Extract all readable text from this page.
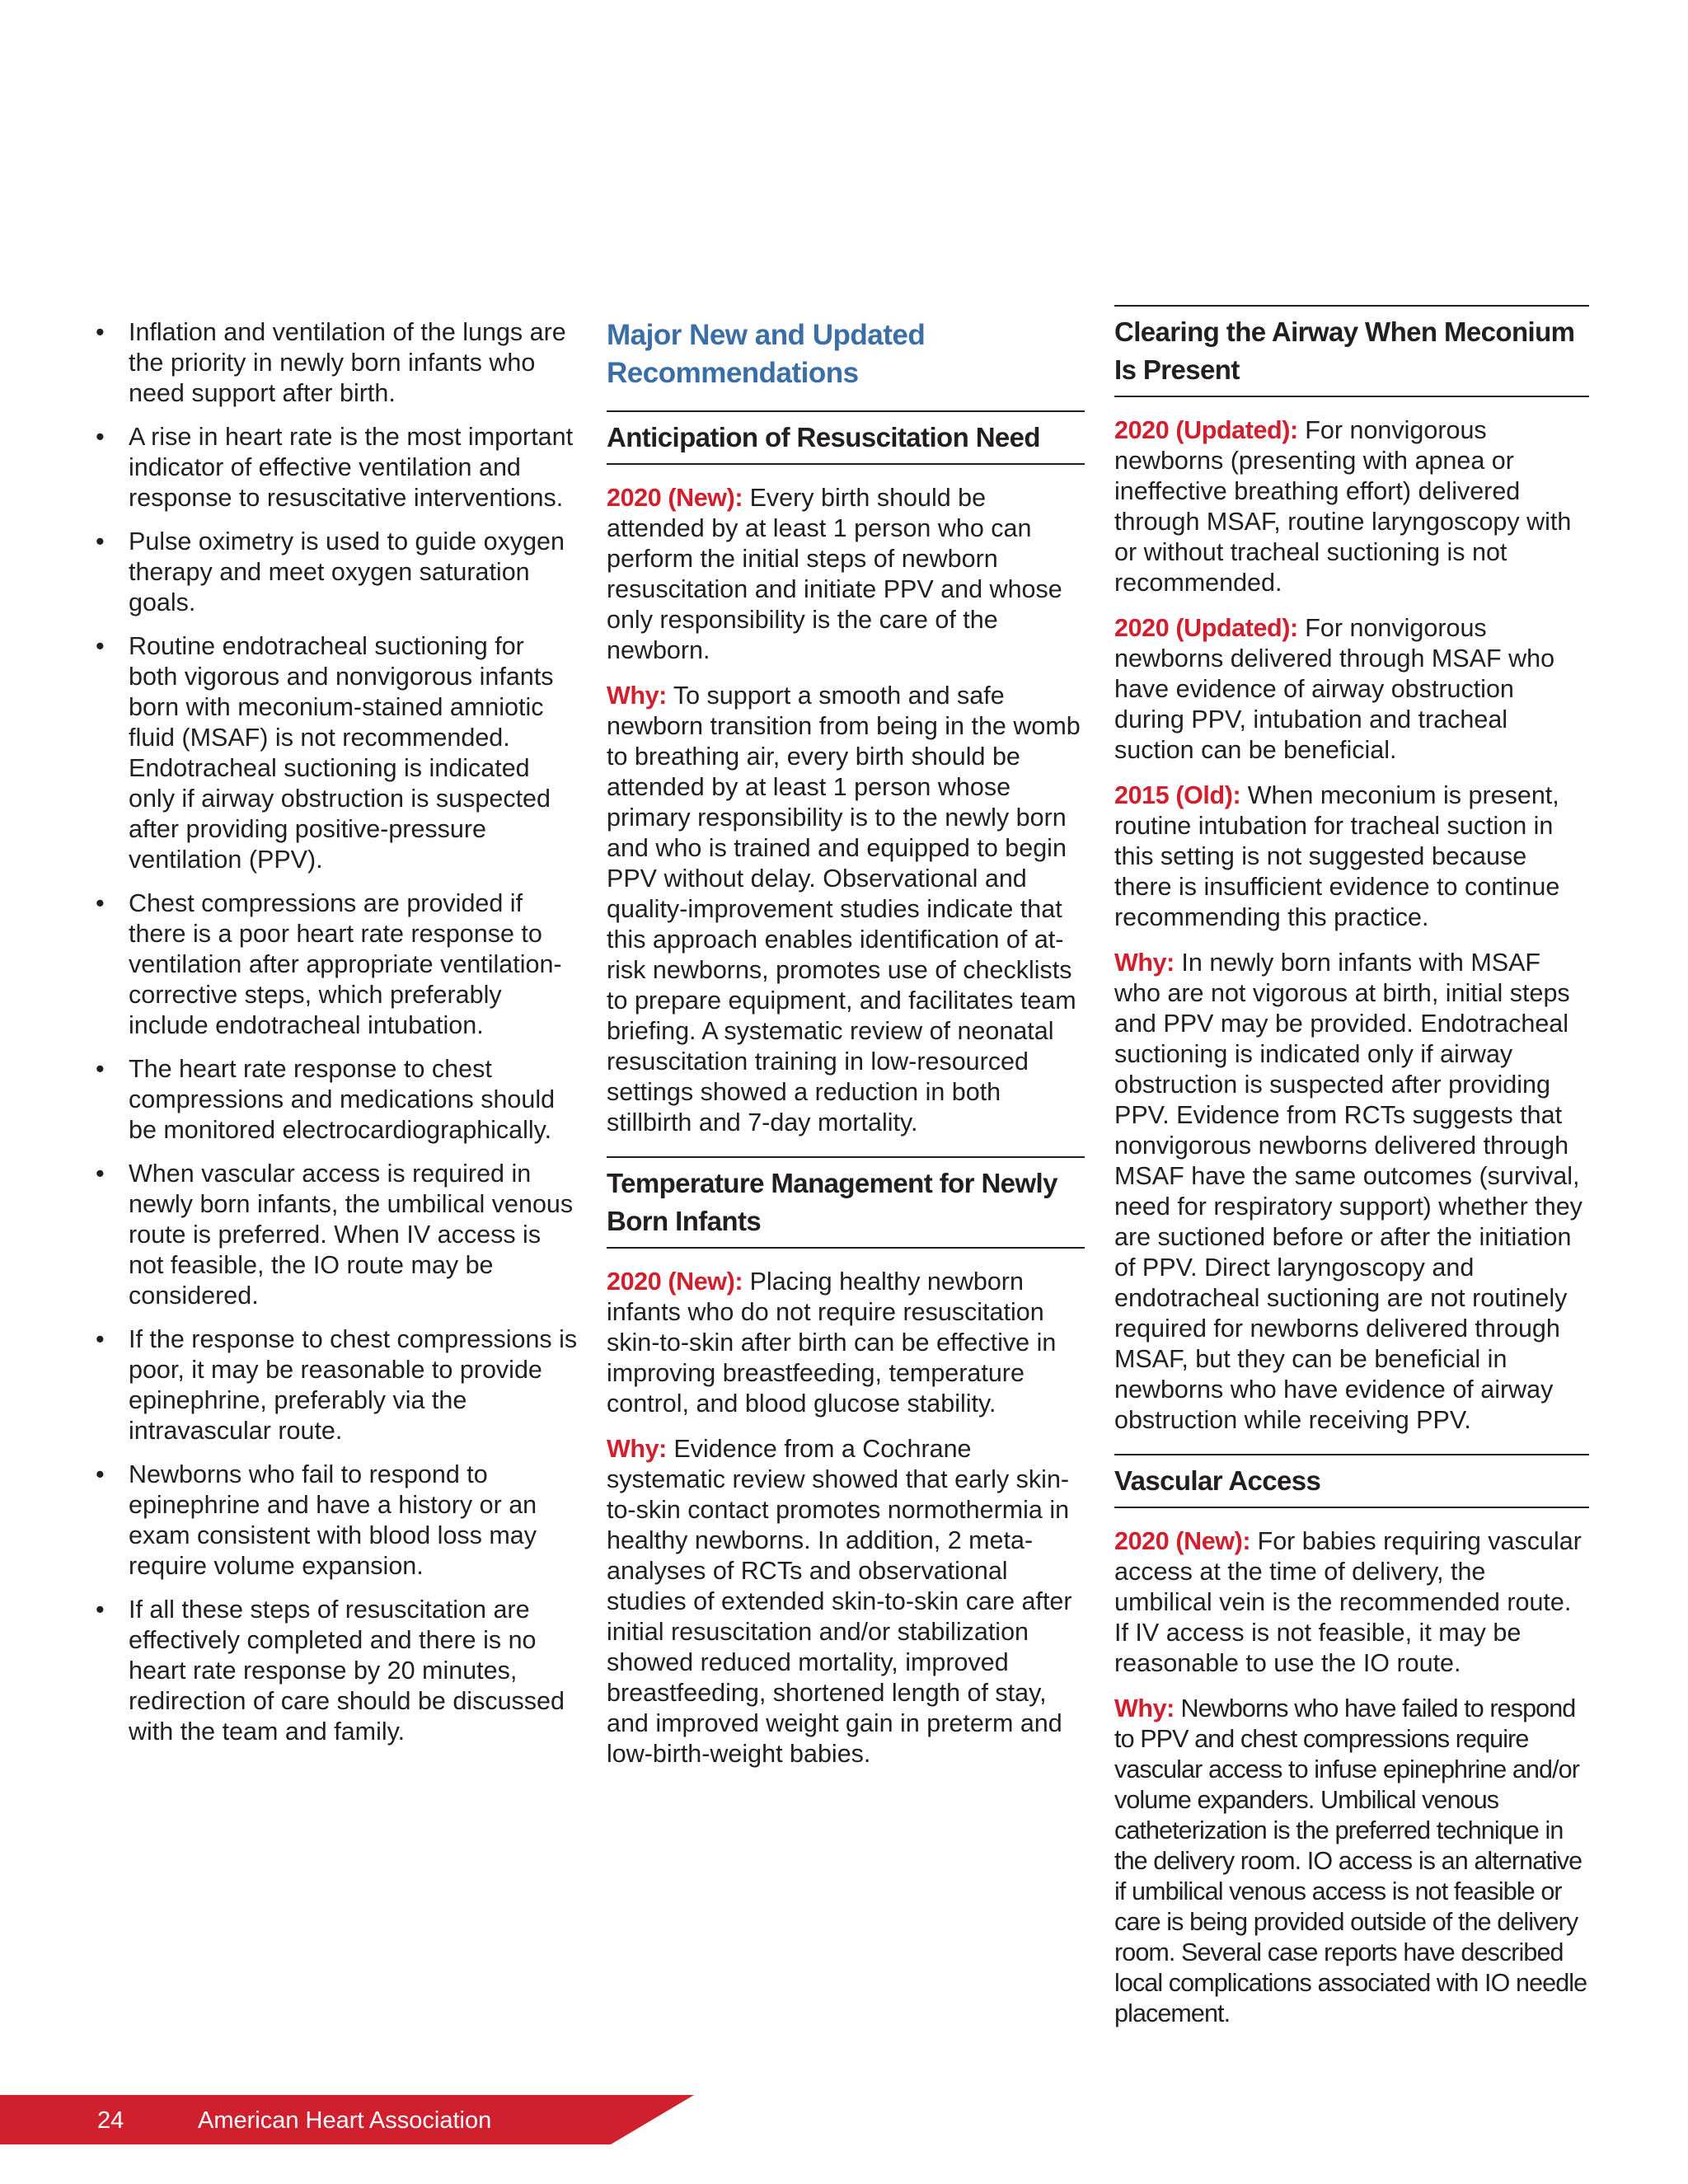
• Inflation and ventilation of the lungs are the priority in newly born infants who need support after birth.
• A rise in heart rate is the most important indicator of effective ventilation and response to resuscitative interventions.
• Pulse oximetry is used to guide oxygen therapy and meet oxygen saturation goals.
• Routine endotracheal suctioning for both vigorous and nonvigorous infants born with meconium-stained amniotic fluid (MSAF) is not recommended. Endotracheal suctioning is indicated only if airway obstruction is suspected after providing positive-pressure ventilation (PPV).
• Chest compressions are provided if there is a poor heart rate response to ventilation after appropriate ventilation-corrective steps, which preferably include endotracheal intubation.
• The heart rate response to chest compressions and medications should be monitored electrocardiographically.
• When vascular access is required in newly born infants, the umbilical venous route is preferred. When IV access is not feasible, the IO route may be considered.
• If the response to chest compressions is poor, it may be reasonable to provide epinephrine, preferably via the intravascular route.
• Newborns who fail to respond to epinephrine and have a history or an exam consistent with blood loss may require volume expansion.
• If all these steps of resuscitation are effectively completed and there is no heart rate response by 20 minutes, redirection of care should be discussed with the team and family.
Major New and Updated Recommendations
Anticipation of Resuscitation Need

2020 (New): Every birth should be attended by at least 1 person who can perform the initial steps of newborn resuscitation and initiate PPV and whose only responsibility is the care of the newborn.

Why: To support a smooth and safe newborn transition from being in the womb to breathing air, every birth should be attended by at least 1 person whose primary responsibility is to the newly born and who is trained and equipped to begin PPV without delay. Observational and quality-improvement studies indicate that this approach enables identification of at-risk newborns, promotes use of checklists to prepare equipment, and facilitates team briefing. A systematic review of neonatal resuscitation training in low-resourced settings showed a reduction in both stillbirth and 7-day mortality.

Temperature Management for Newly Born Infants

2020 (New): Placing healthy newborn infants who do not require resuscitation skin-to-skin after birth can be effective in improving breastfeeding, temperature control, and blood glucose stability.

Why: Evidence from a Cochrane systematic review showed that early skin-to-skin contact promotes normothermia in healthy newborns. In addition, 2 meta-analyses of RCTs and observational studies of extended skin-to-skin care after initial resuscitation and/or stabilization showed reduced mortality, improved breastfeeding, shortened length of stay, and improved weight gain in preterm and low-birth-weight babies.

Clearing the Airway When Meconium Is Present

2020 (Updated): For nonvigorous newborns (presenting with apnea or ineffective breathing effort) delivered through MSAF, routine laryngoscopy with or without tracheal suctioning is not recommended.

2020 (Updated): For nonvigorous newborns delivered through MSAF who have evidence of airway obstruction during PPV, intubation and tracheal suction can be beneficial.

2015 (Old): When meconium is present, routine intubation for tracheal suction in this setting is not suggested because there is insufficient evidence to continue recommending this practice.

Why: In newly born infants with MSAF who are not vigorous at birth, initial steps and PPV may be provided. Endotracheal suctioning is indicated only if airway obstruction is suspected after providing PPV. Evidence from RCTs suggests that nonvigorous newborns delivered through MSAF have the same outcomes (survival, need for respiratory support) whether they are suctioned before or after the initiation of PPV. Direct laryngoscopy and endotracheal suctioning are not routinely required for newborns delivered through MSAF, but they can be beneficial in newborns who have evidence of airway obstruction while receiving PPV.

Vascular Access

2020 (New): For babies requiring vascular access at the time of delivery, the umbilical vein is the recommended route. If IV access is not feasible, it may be reasonable to use the IO route.

Why: Newborns who have failed to respond to PPV and chest compressions require vascular access to infuse epinephrine and/or volume expanders. Umbilical venous catheterization is the preferred technique in the delivery room. IO access is an alternative if umbilical venous access is not feasible or care is being provided outside of the delivery room. Several case reports have described local complications associated with IO needle placement.

24	American Heart Association
